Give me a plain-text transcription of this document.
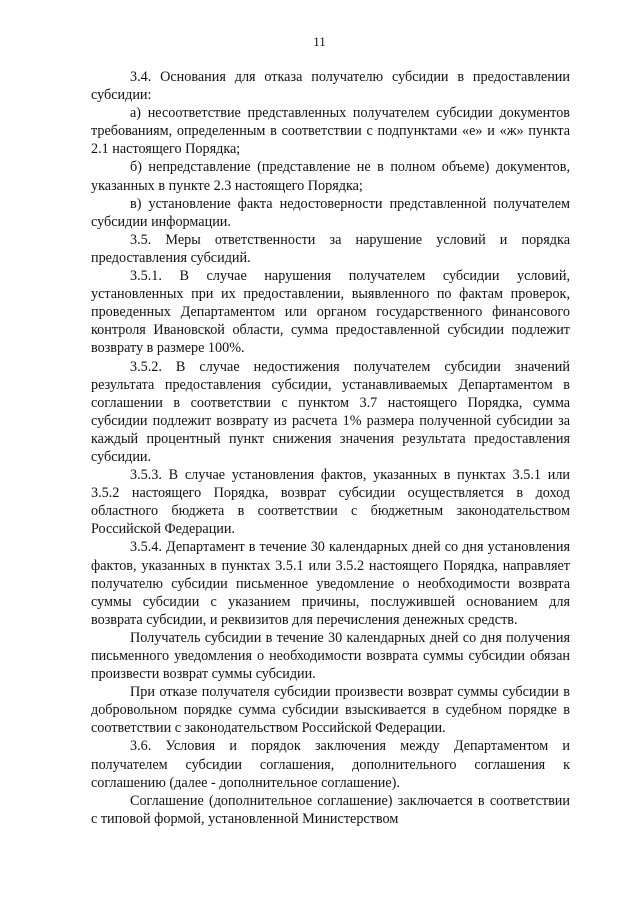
11

3.4. Основания для отказа получателю субсидии в предоставлении субсидии:

а) несоответствие представленных получателем субсидии документов требованиям, определенным в соответствии с подпунктами «е» и «ж» пункта 2.1 настоящего Порядка;

б) непредставление (представление не в полном объеме) документов, указанных в пункте 2.3 настоящего Порядка;

в) установление факта недостоверности представленной получателем субсидии информации.

3.5. Меры ответственности за нарушение условий и порядка предоставления субсидий.

3.5.1. В случае нарушения получателем субсидии условий, установленных при их предоставлении, выявленного по фактам проверок, проведенных Департаментом или органом государственного финансового контроля Ивановской области, сумма предоставленной субсидии подлежит возврату в размере 100%.

3.5.2. В случае недостижения получателем субсидии значений результата предоставления субсидии, устанавливаемых Департаментом в соглашении в соответствии с пунктом 3.7 настоящего Порядка, сумма субсидии подлежит возврату из расчета 1% размера полученной субсидии за каждый процентный пункт снижения значения результата предоставления субсидии.

3.5.3. В случае установления фактов, указанных в пунктах 3.5.1 или 3.5.2 настоящего Порядка, возврат субсидии осуществляется в доход областного бюджета в соответствии с бюджетным законодательством Российской Федерации.

3.5.4. Департамент в течение 30 календарных дней со дня установления фактов, указанных в пунктах 3.5.1 или 3.5.2 настоящего Порядка, направляет получателю субсидии письменное уведомление о необходимости возврата суммы субсидии с указанием причины, послужившей основанием для возврата субсидии, и реквизитов для перечисления денежных средств.

Получатель субсидии в течение 30 календарных дней со дня получения письменного уведомления о необходимости возврата суммы субсидии обязан произвести возврат суммы субсидии.

При отказе получателя субсидии произвести возврат суммы субсидии в добровольном порядке сумма субсидии взыскивается в судебном порядке в соответствии с законодательством Российской Федерации.

3.6. Условия и порядок заключения между Департаментом и получателем субсидии соглашения, дополнительного соглашения к соглашению (далее - дополнительное соглашение).

Соглашение (дополнительное соглашение) заключается в соответствии с типовой формой, установленной Министерством
